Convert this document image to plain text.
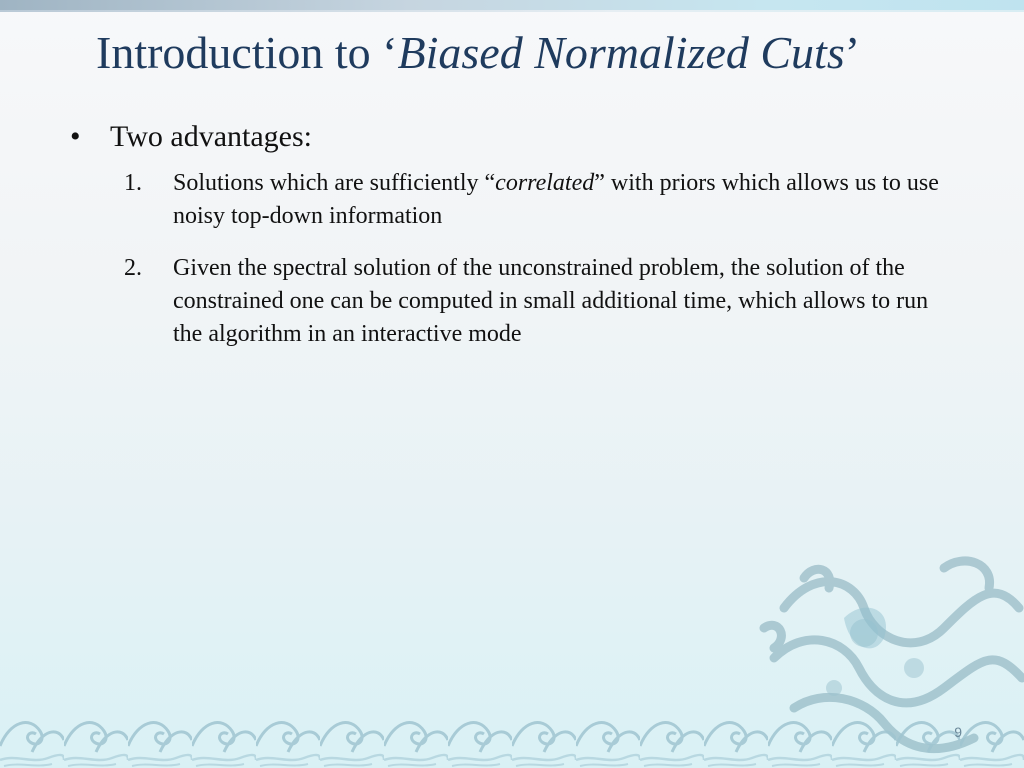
Introduction to ‘Biased Normalized Cuts’
• Two advantages:
1.	Solutions which are sufficiently “correlated” with priors which allows us to use noisy top-down information
2.	Given the spectral solution of the unconstrained problem, the solution of the constrained one can be computed in small additional time, which allows to run the algorithm in an interactive mode
9
